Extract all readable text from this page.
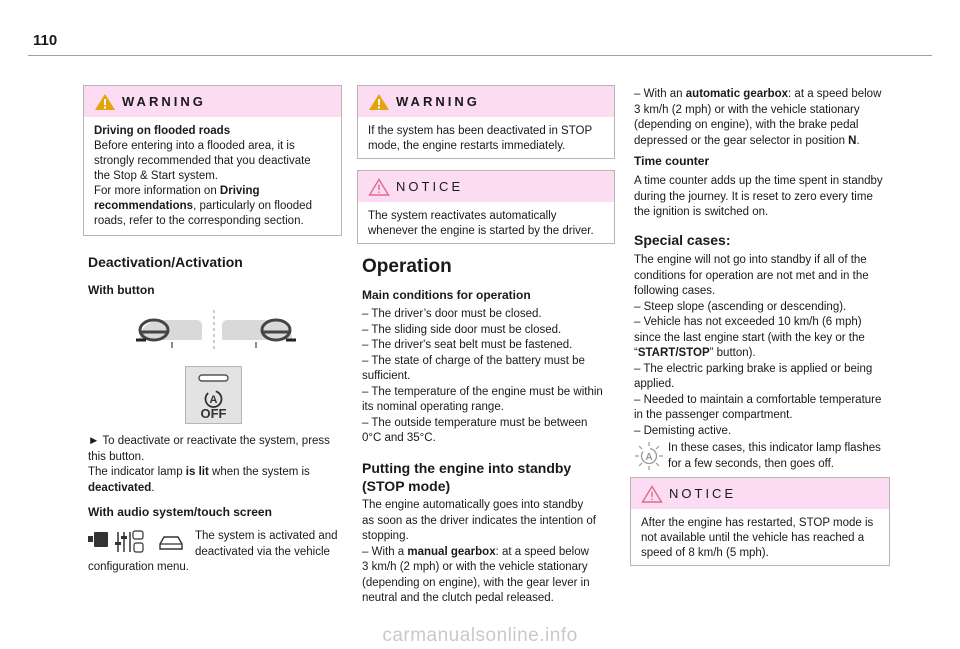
110
WARNING
Driving on flooded roads
Before entering into a flooded area, it is
strongly recommended that you deactivate
the Stop & Start system.
For more information on Driving
recommendations, particularly on flooded
roads, refer to the corresponding section.
Deactivation/Activation
With button
A
OFF
► To deactivate or reactivate the system, press
this button.
The indicator lamp is lit when the system is
deactivated.
With audio system/touch screen
The system is activated and
deactivated via the vehicle
configuration menu.
WARNING
If the system has been deactivated in STOP
mode, the engine restarts immediately.
NOTICE
The system reactivates automatically
whenever the engine is started by the driver.
Operation
Main conditions for operation
– The driver’s door must be closed.
– The sliding side door must be closed.
– The driver's seat belt must be fastened.
– The state of charge of the battery must be
sufficient.
– The temperature of the engine must be within
its nominal operating range.
– The outside temperature must be between
0°C and 35°C.
Putting the engine into standby
(STOP mode)
The engine automatically goes into standby
as soon as the driver indicates the intention of
stopping.
– With a manual gearbox: at a speed below
3 km/h (2 mph) or with the vehicle stationary
(depending on engine), with the gear lever in
neutral and the clutch pedal released.
– With an automatic gearbox: at a speed below
3 km/h (2 mph) or with the vehicle stationary
(depending on engine), with the brake pedal
depressed or the gear selector in position N.
Time counter
A time counter adds up the time spent in standby
during the journey. It is reset to zero every time
the ignition is switched on.
Special cases:
The engine will not go into standby if all of the
conditions for operation are not met and in the
following cases.
– Steep slope (ascending or descending).
– Vehicle has not exceeded 10 km/h (6 mph)
since the last engine start (with the key or the
“START/STOP” button).
– The electric parking brake is applied or being
applied.
– Needed to maintain a comfortable temperature
in the passenger compartment.
– Demisting active.
A
In these cases, this indicator lamp flashes
for a few seconds, then goes off.
NOTICE
After the engine has restarted, STOP mode is
not available until the vehicle has reached a
speed of 8 km/h (5 mph).
carmanualsonline.info
